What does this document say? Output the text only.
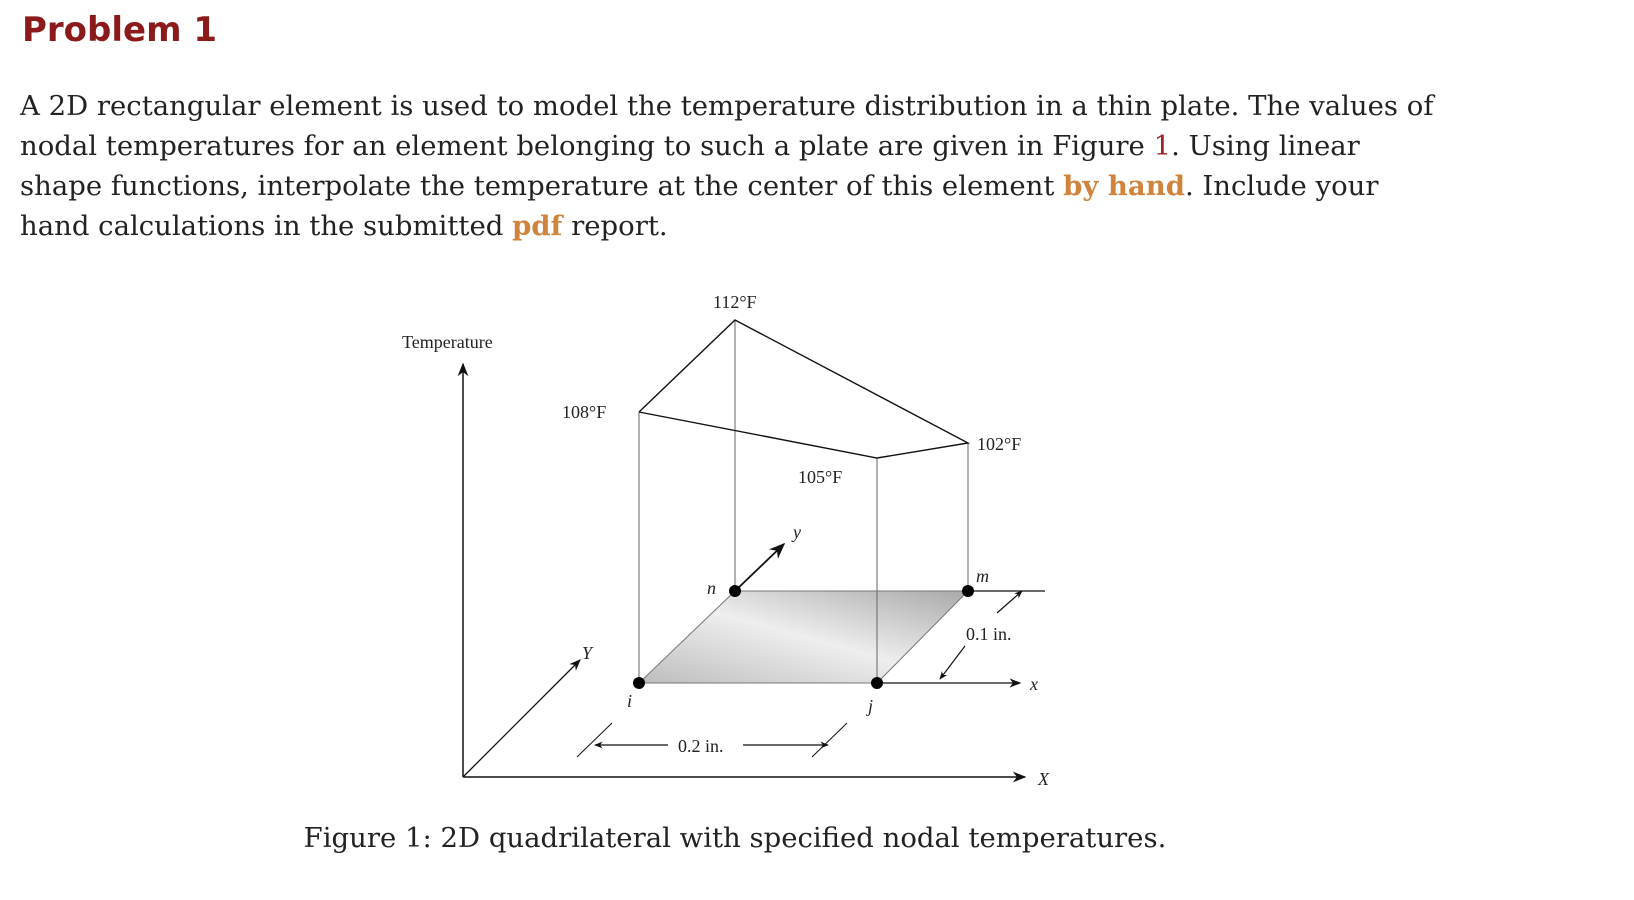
Problem 1

A 2D rectangular element is used to model the temperature distribution in a thin plate. The values of nodal temperatures for an element belonging to such a plate are given in Figure 1. Using linear shape functions, interpolate the temperature at the center of this element by hand. Include your hand calculations in the submitted pdf report.

Temperature
108°F
112°F
102°F
105°F
i	j
m
n
y
x
X
Y
0.2 in.
0.1 in.
Figure 1: 2D quadrilateral with specified nodal temperatures.
